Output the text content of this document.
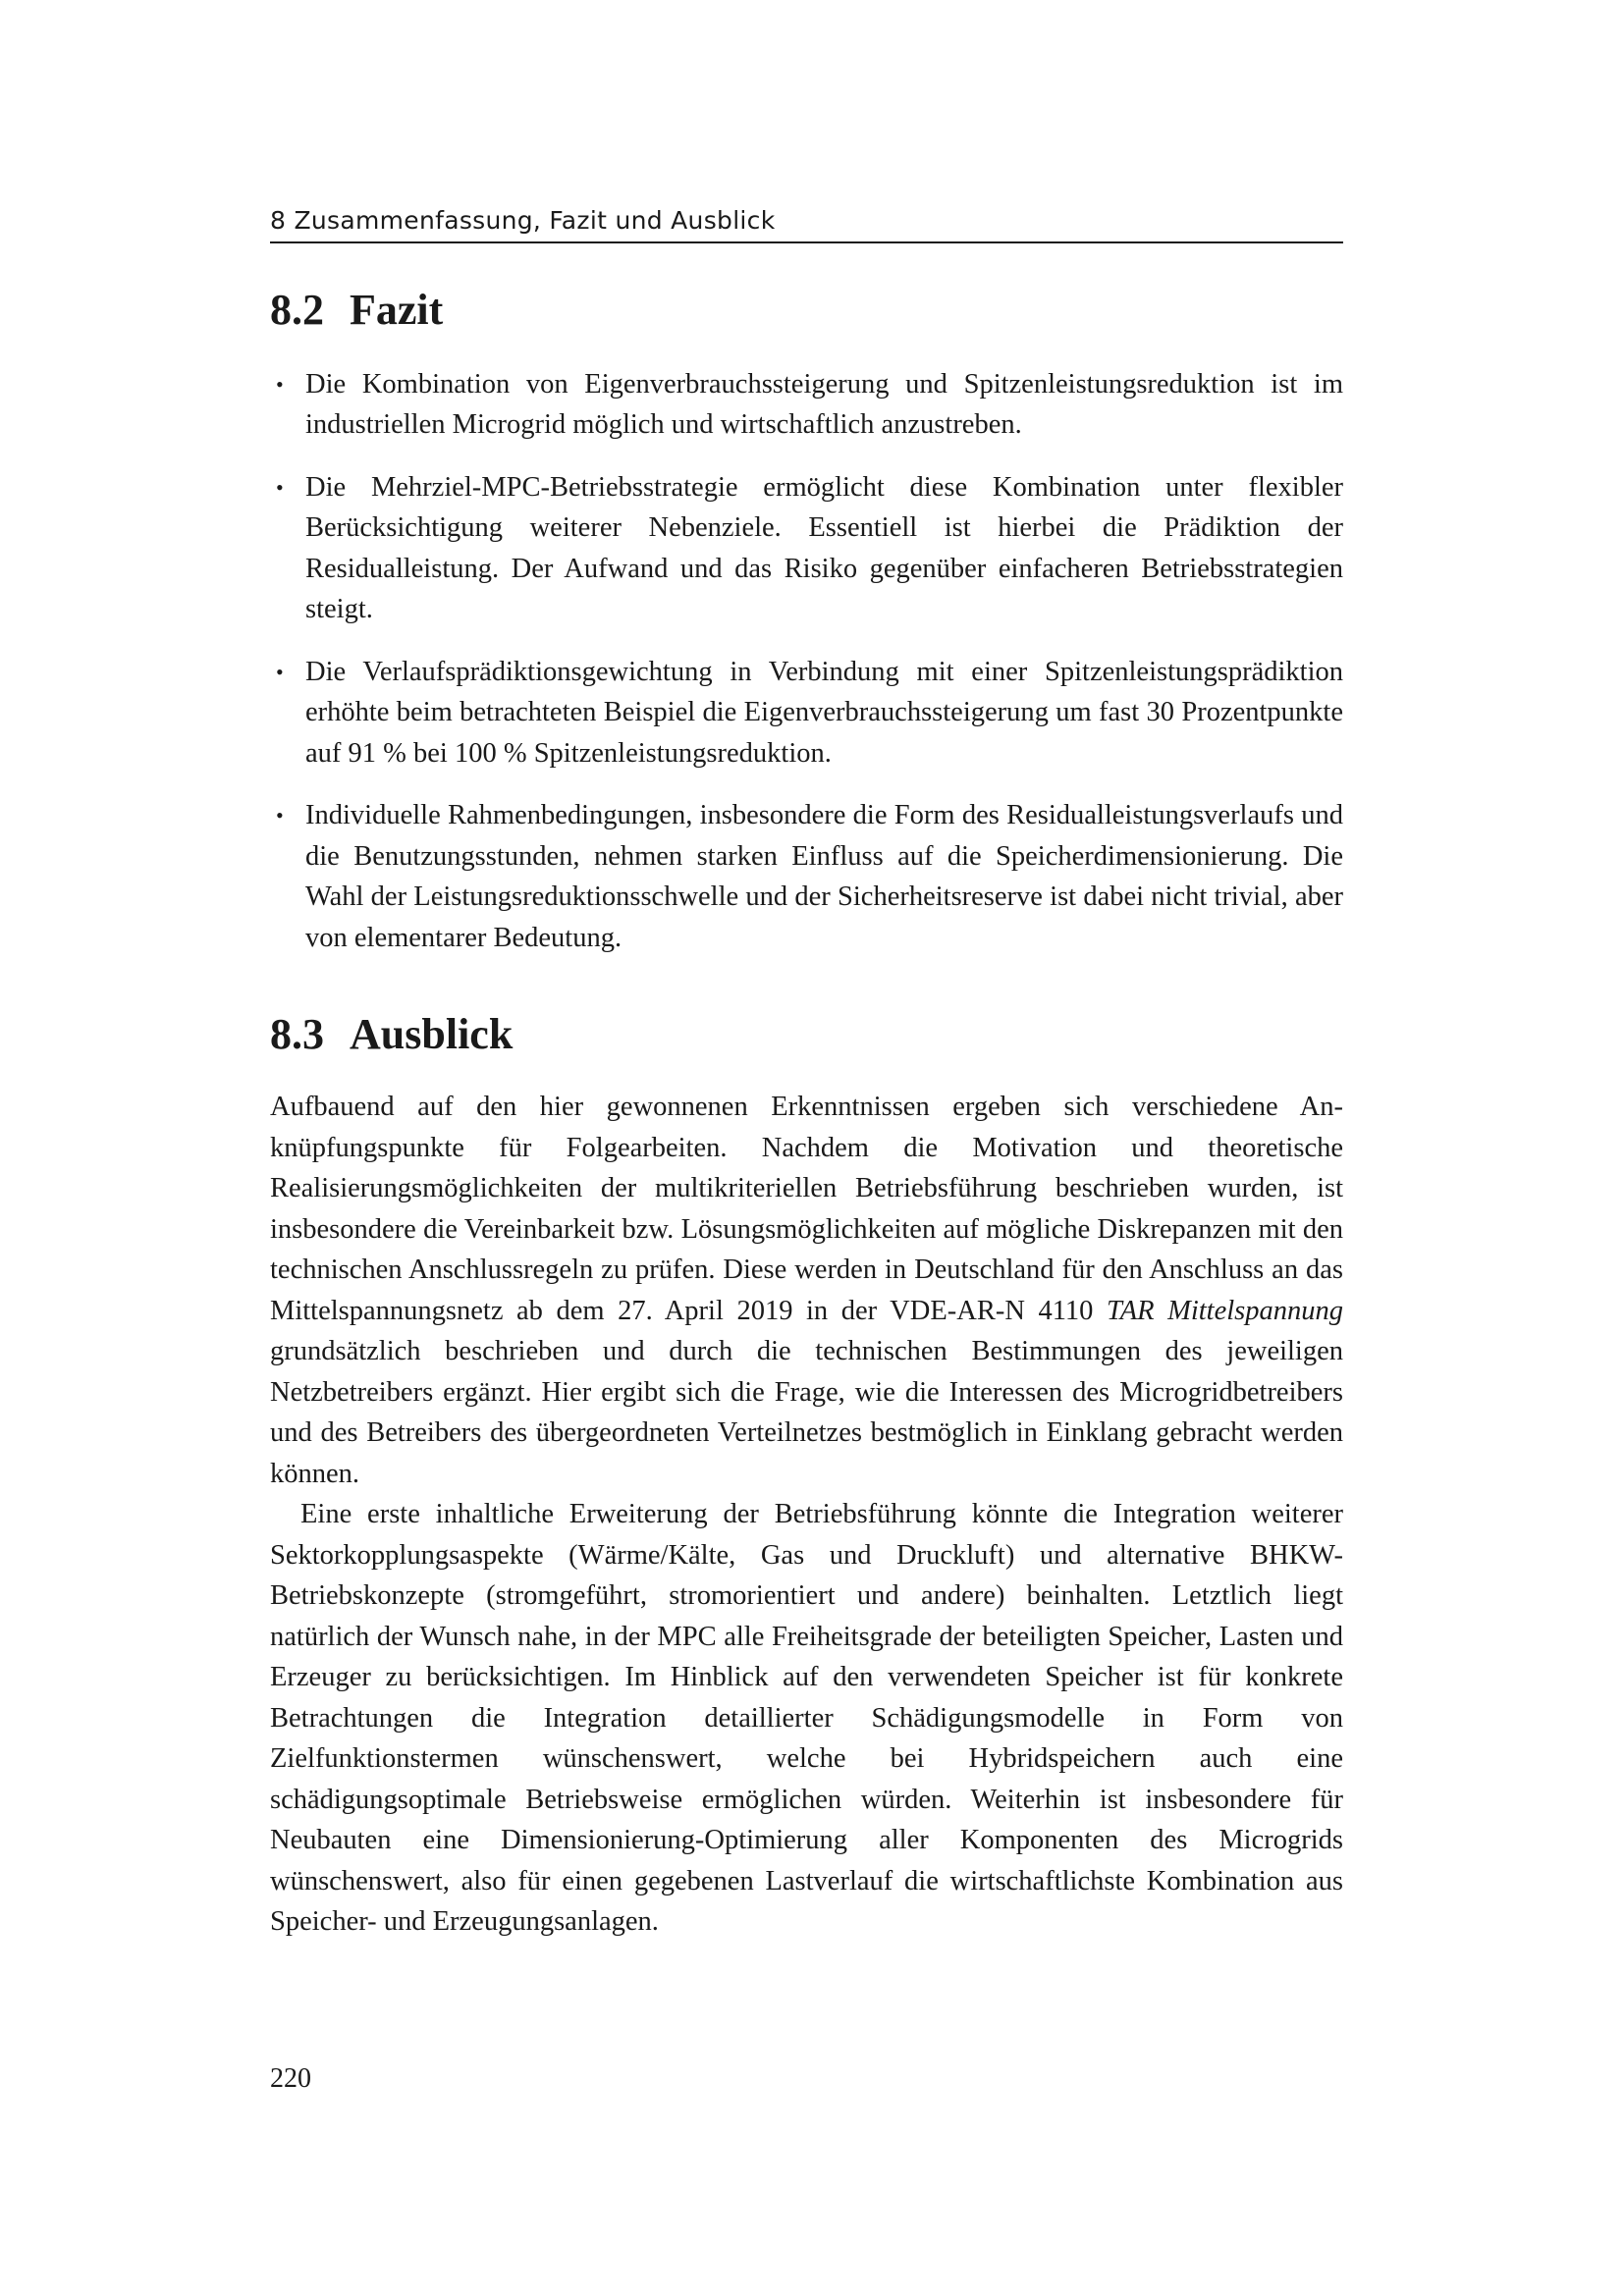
8 Zusammenfassung, Fazit und Ausblick
8.2 Fazit
• Die Kombination von Eigenverbrauchssteigerung und Spitzenleistungsreduktion ist im industriellen Microgrid möglich und wirtschaftlich anzustreben.
• Die Mehrziel-MPC-Betriebsstrategie ermöglicht diese Kombination unter flexibler Berücksichtigung weiterer Nebenziele. Essentiell ist hierbei die Prädiktion der Residualleistung. Der Aufwand und das Risiko gegenüber einfacheren Betriebsstrategien steigt.
• Die Verlaufsprädiktionsgewichtung in Verbindung mit einer Spitzenleistungsprädiktion erhöhte beim betrachteten Beispiel die Eigenverbrauchssteigerung um fast 30 Prozentpunkte auf 91 % bei 100 % Spitzenleistungsreduktion.
• Individuelle Rahmenbedingungen, insbesondere die Form des Residualleistungsverlaufs und die Benutzungsstunden, nehmen starken Einfluss auf die Speicherdimensionierung. Die Wahl der Leistungsreduktionsschwelle und der Sicherheitsreserve ist dabei nicht trivial, aber von elementarer Bedeutung.
8.3 Ausblick

Aufbauend auf den hier gewonnenen Erkenntnissen ergeben sich verschiedene Anknüpfungspunkte für Folgearbeiten. Nachdem die Motivation und theoretische Realisierungsmöglichkeiten der multikriteriellen Betriebsführung beschrieben wurden, ist insbesondere die Vereinbarkeit bzw. Lösungsmöglichkeiten auf mögliche Diskrepanzen mit den technischen Anschlussregeln zu prüfen. Diese werden in Deutschland für den Anschluss an das Mittelspannungsnetz ab dem 27. April 2019 in der VDE-AR-N 4110 TAR Mittelspannung grundsätzlich beschrieben und durch die technischen Bestimmungen des jeweiligen Netzbetreibers ergänzt. Hier ergibt sich die Frage, wie die Interessen des Microgridbetreibers und des Betreibers des übergeordneten Verteilnetzes bestmöglich in Einklang gebracht werden können.

Eine erste inhaltliche Erweiterung der Betriebsführung könnte die Integration weiterer Sektorkopplungsaspekte (Wärme/Kälte, Gas und Druckluft) und alternative BHKW-Betriebskonzepte (stromgeführt, stromorientiert und andere) beinhalten. Letztlich liegt natürlich der Wunsch nahe, in der MPC alle Freiheitsgrade der beteiligten Speicher, Lasten und Erzeuger zu berücksichtigen. Im Hinblick auf den verwendeten Speicher ist für konkrete Betrachtungen die Integration detaillierter Schädigungsmodelle in Form von Zielfunktionstermen wünschenswert, welche bei Hybridspeichern auch eine schädigungsoptimale Betriebsweise ermöglichen würden. Weiterhin ist insbesondere für Neubauten eine Dimensionierung-Optimierung aller Komponenten des Microgrids wünschenswert, also für einen gegebenen Lastverlauf die wirtschaftlichste Kombination aus Speicher- und Erzeugungsanlagen.

220
